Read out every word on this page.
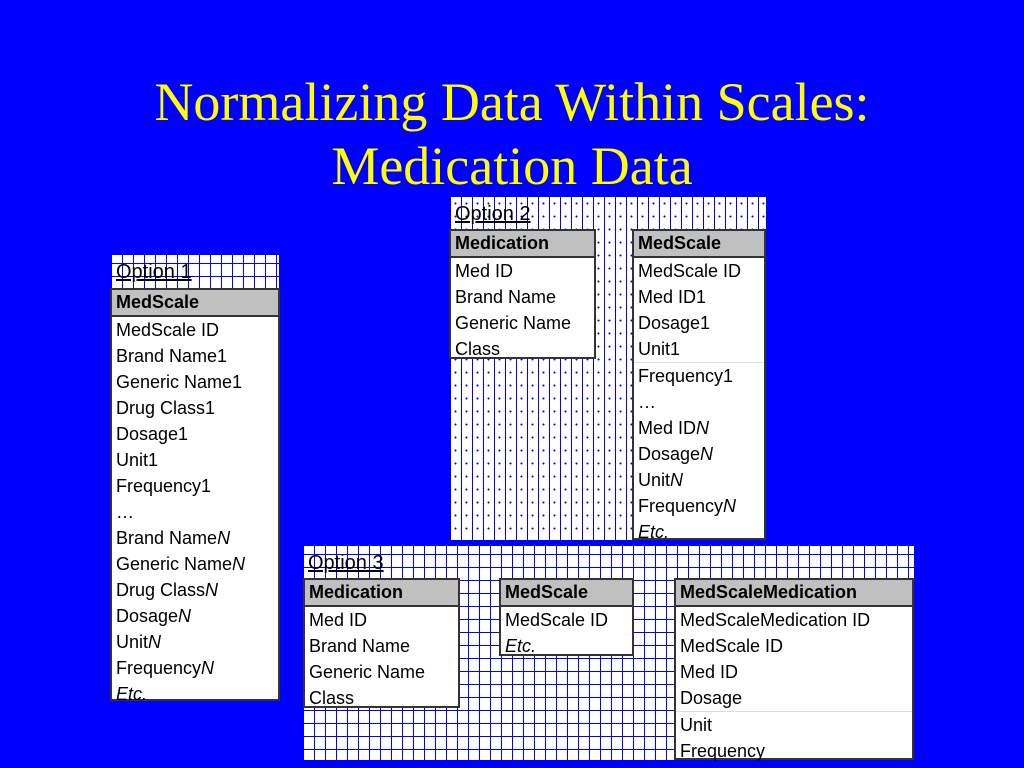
Normalizing Data Within Scales:
Medication Data
Option 1
MedScale
MedScale ID
Brand Name1
Generic Name1
Drug Class1
Dosage1
Unit1
Frequency1
…
Brand NameN
Generic NameN
Drug ClassN
DosageN
UnitN
FrequencyN
Etc.
Option 2
Medication
Med ID
Brand Name
Generic Name
Class
MedScale
MedScale ID
Med ID1
Dosage1
Unit1
Frequency1
…
Med IDN
DosageN
UnitN
FrequencyN
Etc.
Option 3
Medication
Med ID
Brand Name
Generic Name
Class
MedScale
MedScale ID
Etc.
MedScaleMedication
MedScaleMedication ID
MedScale ID
Med ID
Dosage
Unit
Frequency
